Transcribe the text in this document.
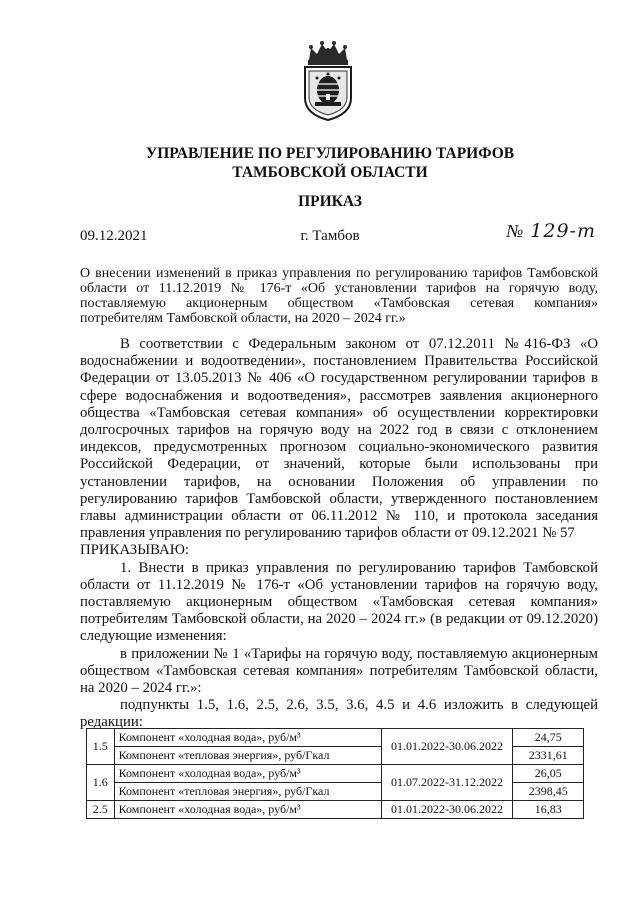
УПРАВЛЕНИЕ ПО РЕГУЛИРОВАНИЮ ТАРИФОВ
ТАМБОВСКОЙ ОБЛАСТИ
ПРИКАЗ
09.12.2021	г. Тамбов	№ 129-т
О внесении изменений в приказ управления по регулированию тарифов Тамбовской области от 11.12.2019 № 176-т «Об установлении тарифов на горячую воду, поставляемую акционерным обществом «Тамбовская сетевая компания» потребителям Тамбовской области, на 2020 – 2024 гг.»

В соответствии с Федеральным законом от 07.12.2011 №416-ФЗ «О водоснабжении и водоотведении», постановлением Правительства Российской Федерации от 13.05.2013 № 406 «О государственном регулировании тарифов в сфере водоснабжения и водоотведения», рассмотрев заявления акционерного общества «Тамбовская сетевая компания» об осуществлении корректировки долгосрочных тарифов на горячую воду на 2022 год в связи с отклонением индексов, предусмотренных прогнозом социально-экономического развития Российской Федерации, от значений, которые были использованы при установлении тарифов, на основании Положения об управлении по регулированию тарифов Тамбовской области, утвержденного постановлением главы администрации области от 06.11.2012 № 110, и протокола заседания правления управления по регулированию тарифов области от 09.12.2021 № 57

ПРИКАЗЫВАЮ:

1. Внести в приказ управления по регулированию тарифов Тамбовской области от 11.12.2019 № 176-т «Об установлении тарифов на горячую воду, поставляемую акционерным обществом «Тамбовская сетевая компания» потребителям Тамбовской области, на 2020 – 2024 гг.» (в редакции от 09.12.2020) следующие изменения:

в приложении № 1 «Тарифы на горячую воду, поставляемую акционерным обществом «Тамбовская сетевая компания» потребителям Тамбовской области, на 2020 – 2024 гг.»:

подпункты 1.5, 1.6, 2.5, 2.6, 3.5, 3.6, 4.5 и 4.6 изложить в следующей редакции:

1.5	Компонент «холодная вода», руб/м³	01.01.2022-30.06.2022	24,75
	Компонент «тепловая энергия», руб/Гкал		2331,61
1.6	Компонент «холодная вода», руб/м³	01.07.2022-31.12.2022	26,05
	Компонент «тепловая энергия», руб/Гкал		2398,45
2.5	Компонент «холодная вода», руб/м³	01.01.2022-30.06.2022	16,83
